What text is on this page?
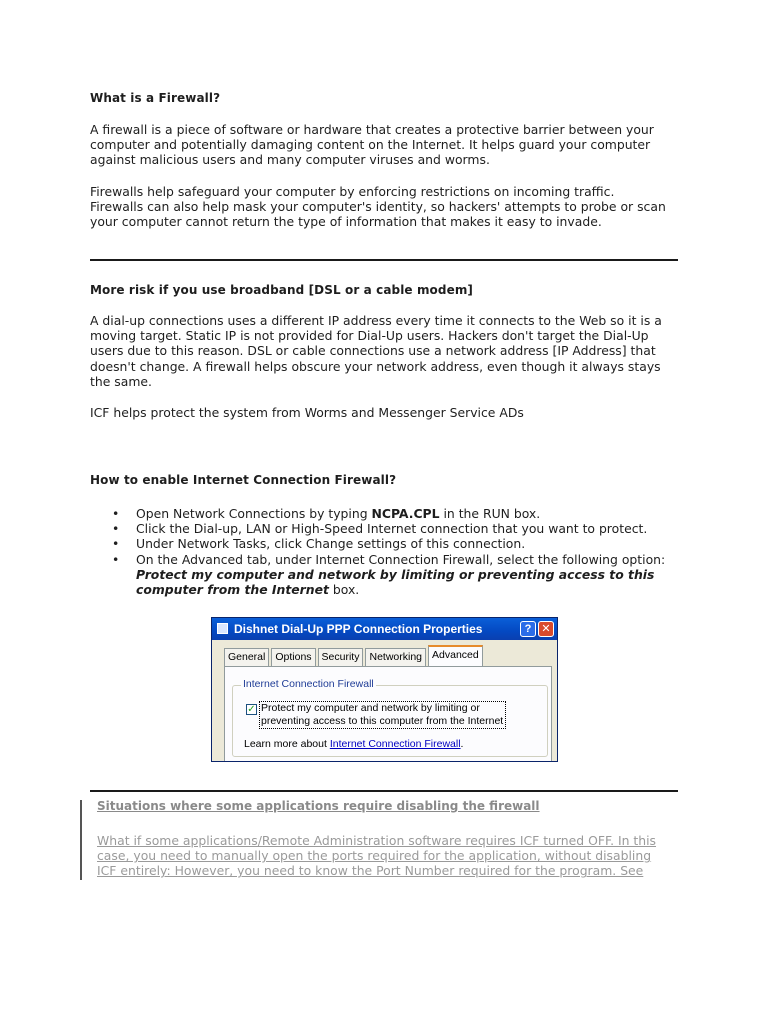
What is a Firewall?

A firewall is a piece of software or hardware that creates a protective barrier between your
computer and potentially damaging content on the Internet. It helps guard your computer
against malicious users and many computer viruses and worms.

Firewalls help safeguard your computer by enforcing restrictions on incoming traffic.
Firewalls can also help mask your computer's identity, so hackers' attempts to probe or scan
your computer cannot return the type of information that makes it easy to invade.

More risk if you use broadband [DSL or a cable modem]

A dial-up connections uses a different IP address every time it connects to the Web so it is a
moving target. Static IP is not provided for Dial-Up users. Hackers don't target the Dial-Up
users due to this reason. DSL or cable connections use a network address [IP Address] that
doesn't change. A firewall helps obscure your network address, even though it always stays
the same.

ICF helps protect the system from Worms and Messenger Service ADs

How to enable Internet Connection Firewall?
• Open Network Connections by typing NCPA.CPL in the RUN box.
• Click the Dial-up, LAN or High-Speed Internet connection that you want to protect.
• Under Network Tasks, click Change settings of this connection.
• On the Advanced tab, under Internet Connection Firewall, select the following option:
Protect my computer and network by limiting or preventing access to this
computer from the Internet box.
Dishnet Dial-Up PPP Connection Properties	? ✕
General Options Security Networking Advanced
Internet Connection Firewall
✓ Protect my computer and network by limiting or
preventing access to this computer from the Internet
Learn more about Internet Connection Firewall.
Situations where some applications require disabling the firewall

What if some applications/Remote Administration software requires ICF turned OFF. In this
case, you need to manually open the ports required for the application, without disabling
ICF entirely: However, you need to know the Port Number required for the program. See
